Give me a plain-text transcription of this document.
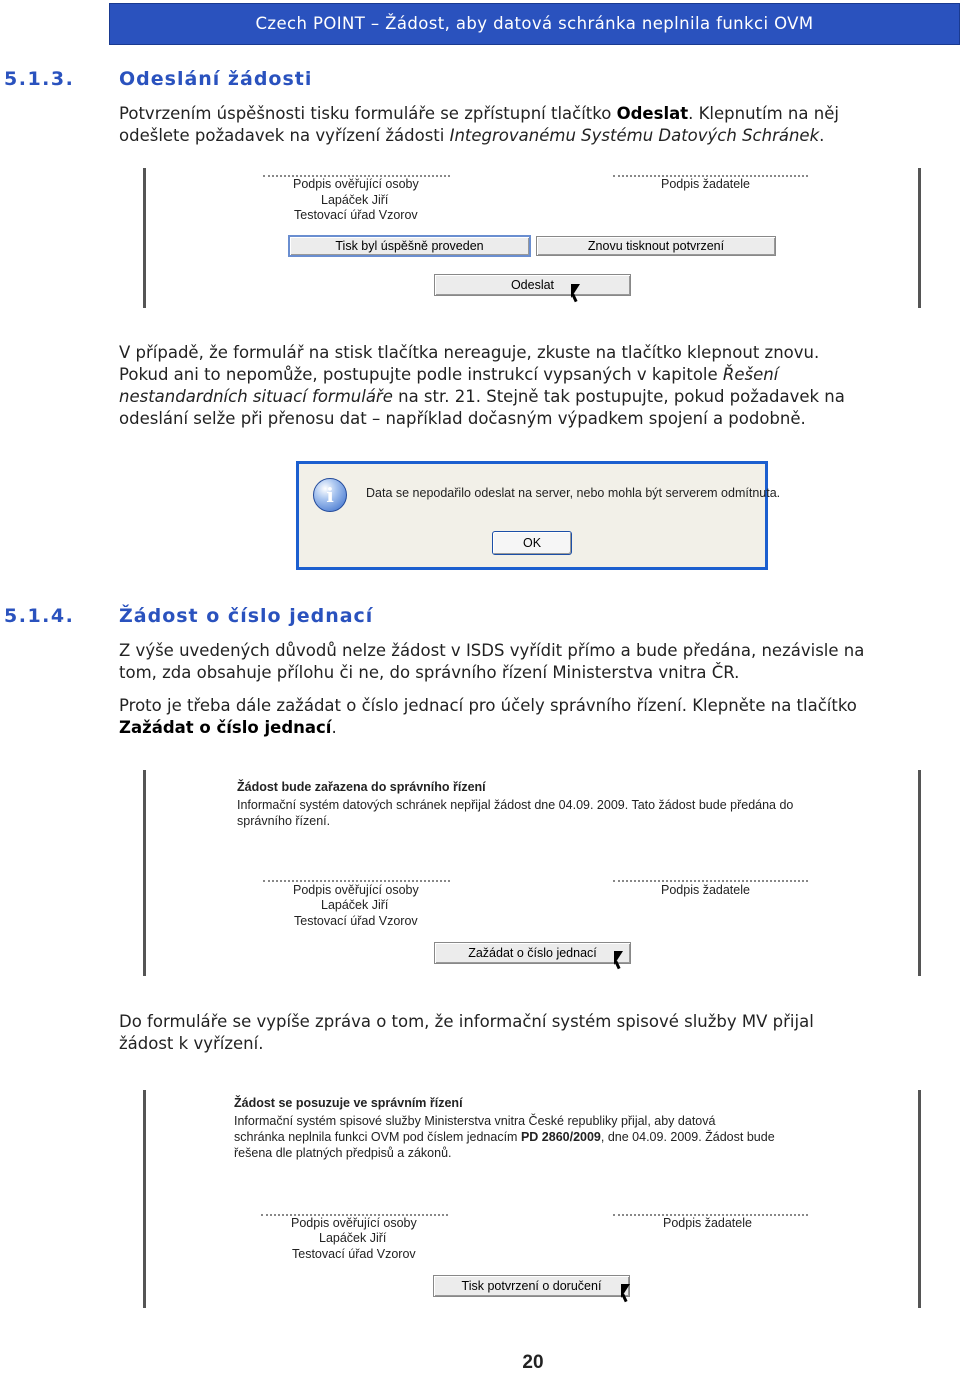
Czech POINT – Žádost, aby datová schránka neplnila funkci OVM
5.1.3. Odeslání žádosti
Potvrzením úspěšnosti tisku formuláře se zpřístupní tlačítko Odeslat. Klepnutím na něj
odešlete požadavek na vyřízení žádosti Integrovanému Systému Datových Schránek.
Podpis ověřující osoby
Lapáček Jiří
Testovací úřad Vzorov
Podpis žadatele
Tisk byl úspěšně proveden	Znovu tisknout potvrzení
Odeslat
V případě, že formulář na stisk tlačítka nereaguje, zkuste na tlačítko klepnout znovu.
Pokud ani to nepomůže, postupujte podle instrukcí vypsaných v kapitole Řešení
nestandardních situací formuláře na str. 21. Stejně tak postupujte, pokud požadavek na
odeslání selže při přenosu dat – například dočasným výpadkem spojení a podobně.
i	Data se nepodařilo odeslat na server, nebo mohla být serverem odmítnuta.
OK
5.1.4. Žádost o číslo jednací
Z výše uvedených důvodů nelze žádost v ISDS vyřídit přímo a bude předána, nezávisle na
tom, zda obsahuje přílohu či ne, do správního řízení Ministerstva vnitra ČR.
Proto je třeba dále zažádat o číslo jednací pro účely správního řízení. Klepněte na tlačítko
Zažádat o číslo jednací.
Žádost bude zařazena do správního řízení
Informační systém datových schránek nepřijal žádost dne 04.09. 2009. Tato žádost bude předána do
správního řízení.
Podpis ověřující osoby
Lapáček Jiří
Testovací úřad Vzorov
Podpis žadatele
Zažádat o číslo jednací
Do formuláře se vypíše zpráva o tom, že informační systém spisové služby MV přijal
žádost k vyřízení.
Žádost se posuzuje ve správním řízení
Informační systém spisové služby Ministerstva vnitra České republiky přijal, aby datová
schránka neplnila funkci OVM pod číslem jednacím PD 2860/2009, dne 04.09. 2009. Žádost bude
řešena dle platných předpisů a zákonů.
Podpis ověřující osoby
Lapáček Jiří
Testovací úřad Vzorov
Podpis žadatele
Tisk potvrzení o doručení
20
